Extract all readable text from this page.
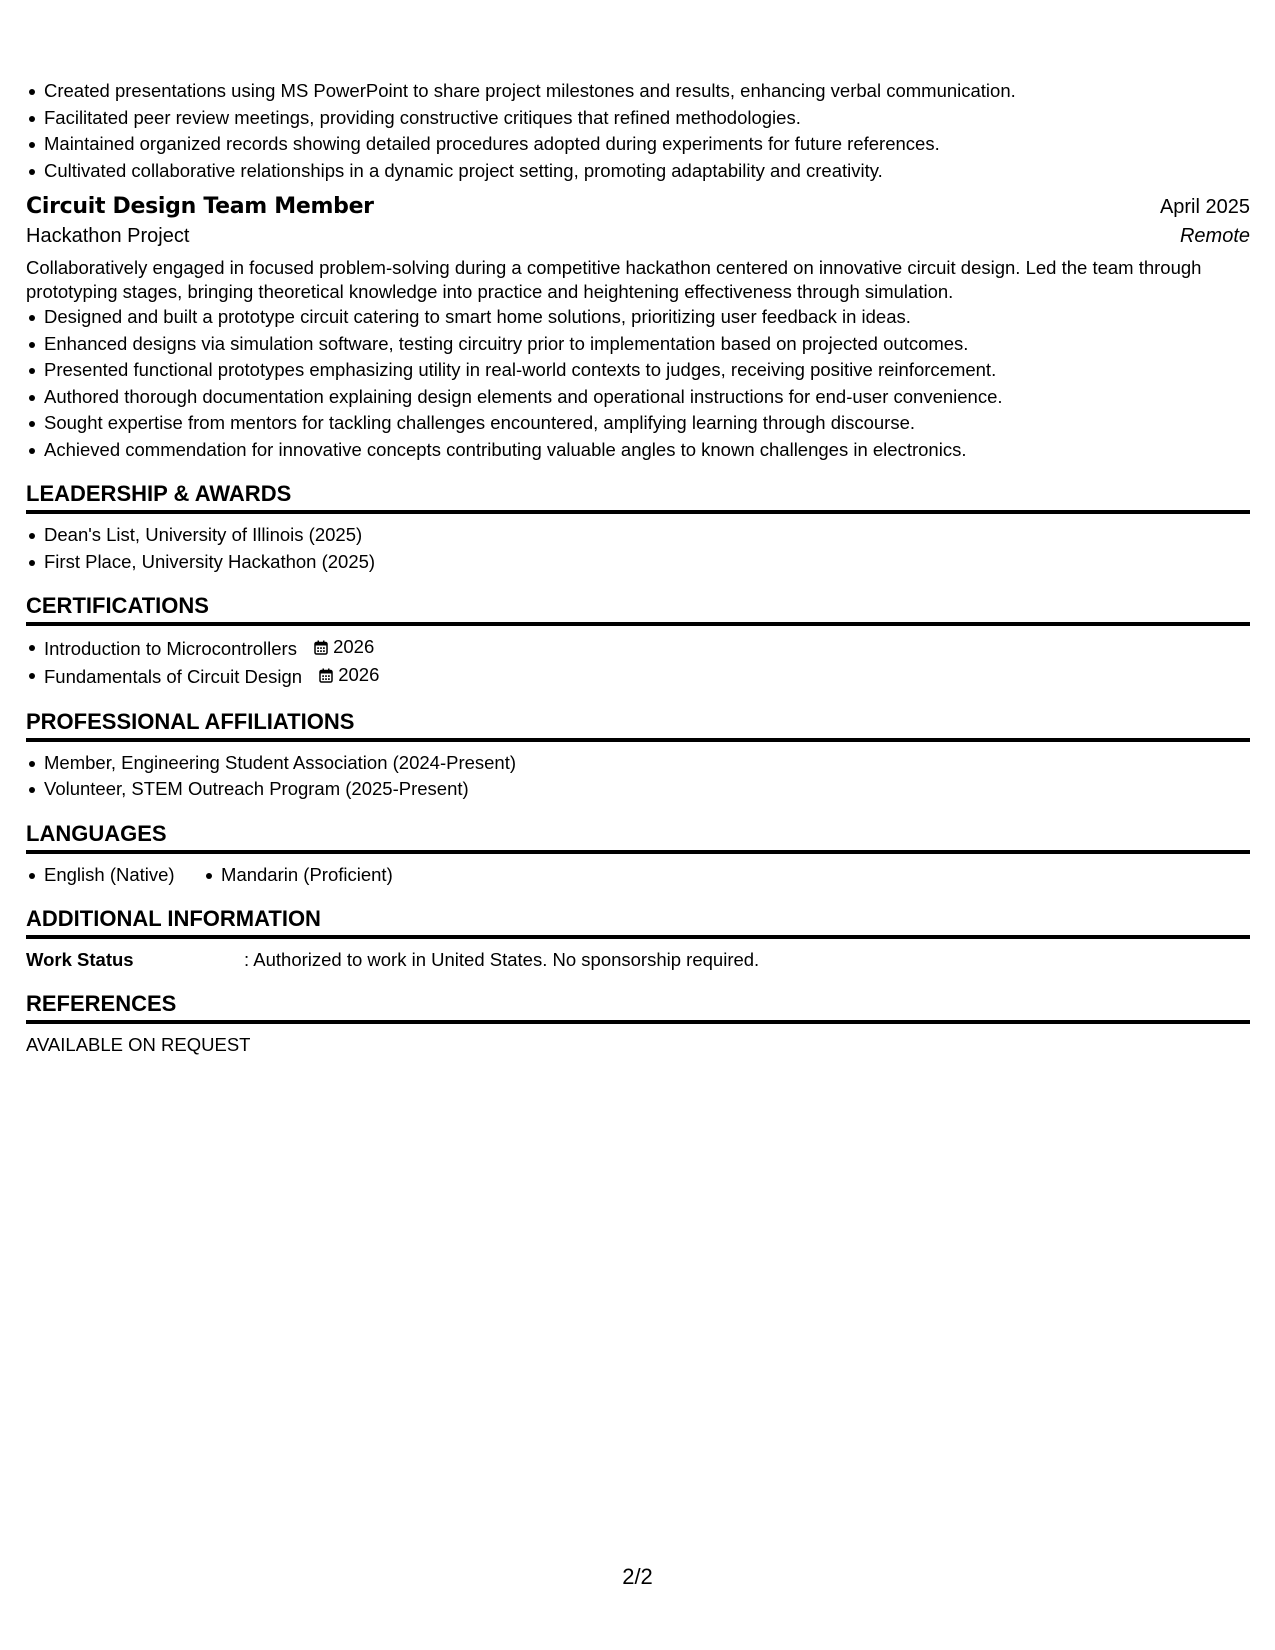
Created presentations using MS PowerPoint to share project milestones and results, enhancing verbal communication.
Facilitated peer review meetings, providing constructive critiques that refined methodologies.
Maintained organized records showing detailed procedures adopted during experiments for future references.
Cultivated collaborative relationships in a dynamic project setting, promoting adaptability and creativity.
Circuit Design Team Member	April 2025
Hackathon Project	Remote
Collaboratively engaged in focused problem-solving during a competitive hackathon centered on innovative circuit design. Led the team through prototyping stages, bringing theoretical knowledge into practice and heightening effectiveness through simulation.
Designed and built a prototype circuit catering to smart home solutions, prioritizing user feedback in ideas.
Enhanced designs via simulation software, testing circuitry prior to implementation based on projected outcomes.
Presented functional prototypes emphasizing utility in real-world contexts to judges, receiving positive reinforcement.
Authored thorough documentation explaining design elements and operational instructions for end-user convenience.
Sought expertise from mentors for tackling challenges encountered, amplifying learning through discourse.
Achieved commendation for innovative concepts contributing valuable angles to known challenges in electronics.
LEADERSHIP & AWARDS
Dean's List, University of Illinois (2025)
First Place, University Hackathon (2025)
CERTIFICATIONS
Introduction to Microcontrollers 2026
Fundamentals of Circuit Design 2026
PROFESSIONAL AFFILIATIONS
Member, Engineering Student Association (2024-Present)
Volunteer, STEM Outreach Program (2025-Present)
LANGUAGES
English (Native)	Mandarin (Proficient)
ADDITIONAL INFORMATION
Work Status	: Authorized to work in United States. No sponsorship required.
REFERENCES
AVAILABLE ON REQUEST
2/2
